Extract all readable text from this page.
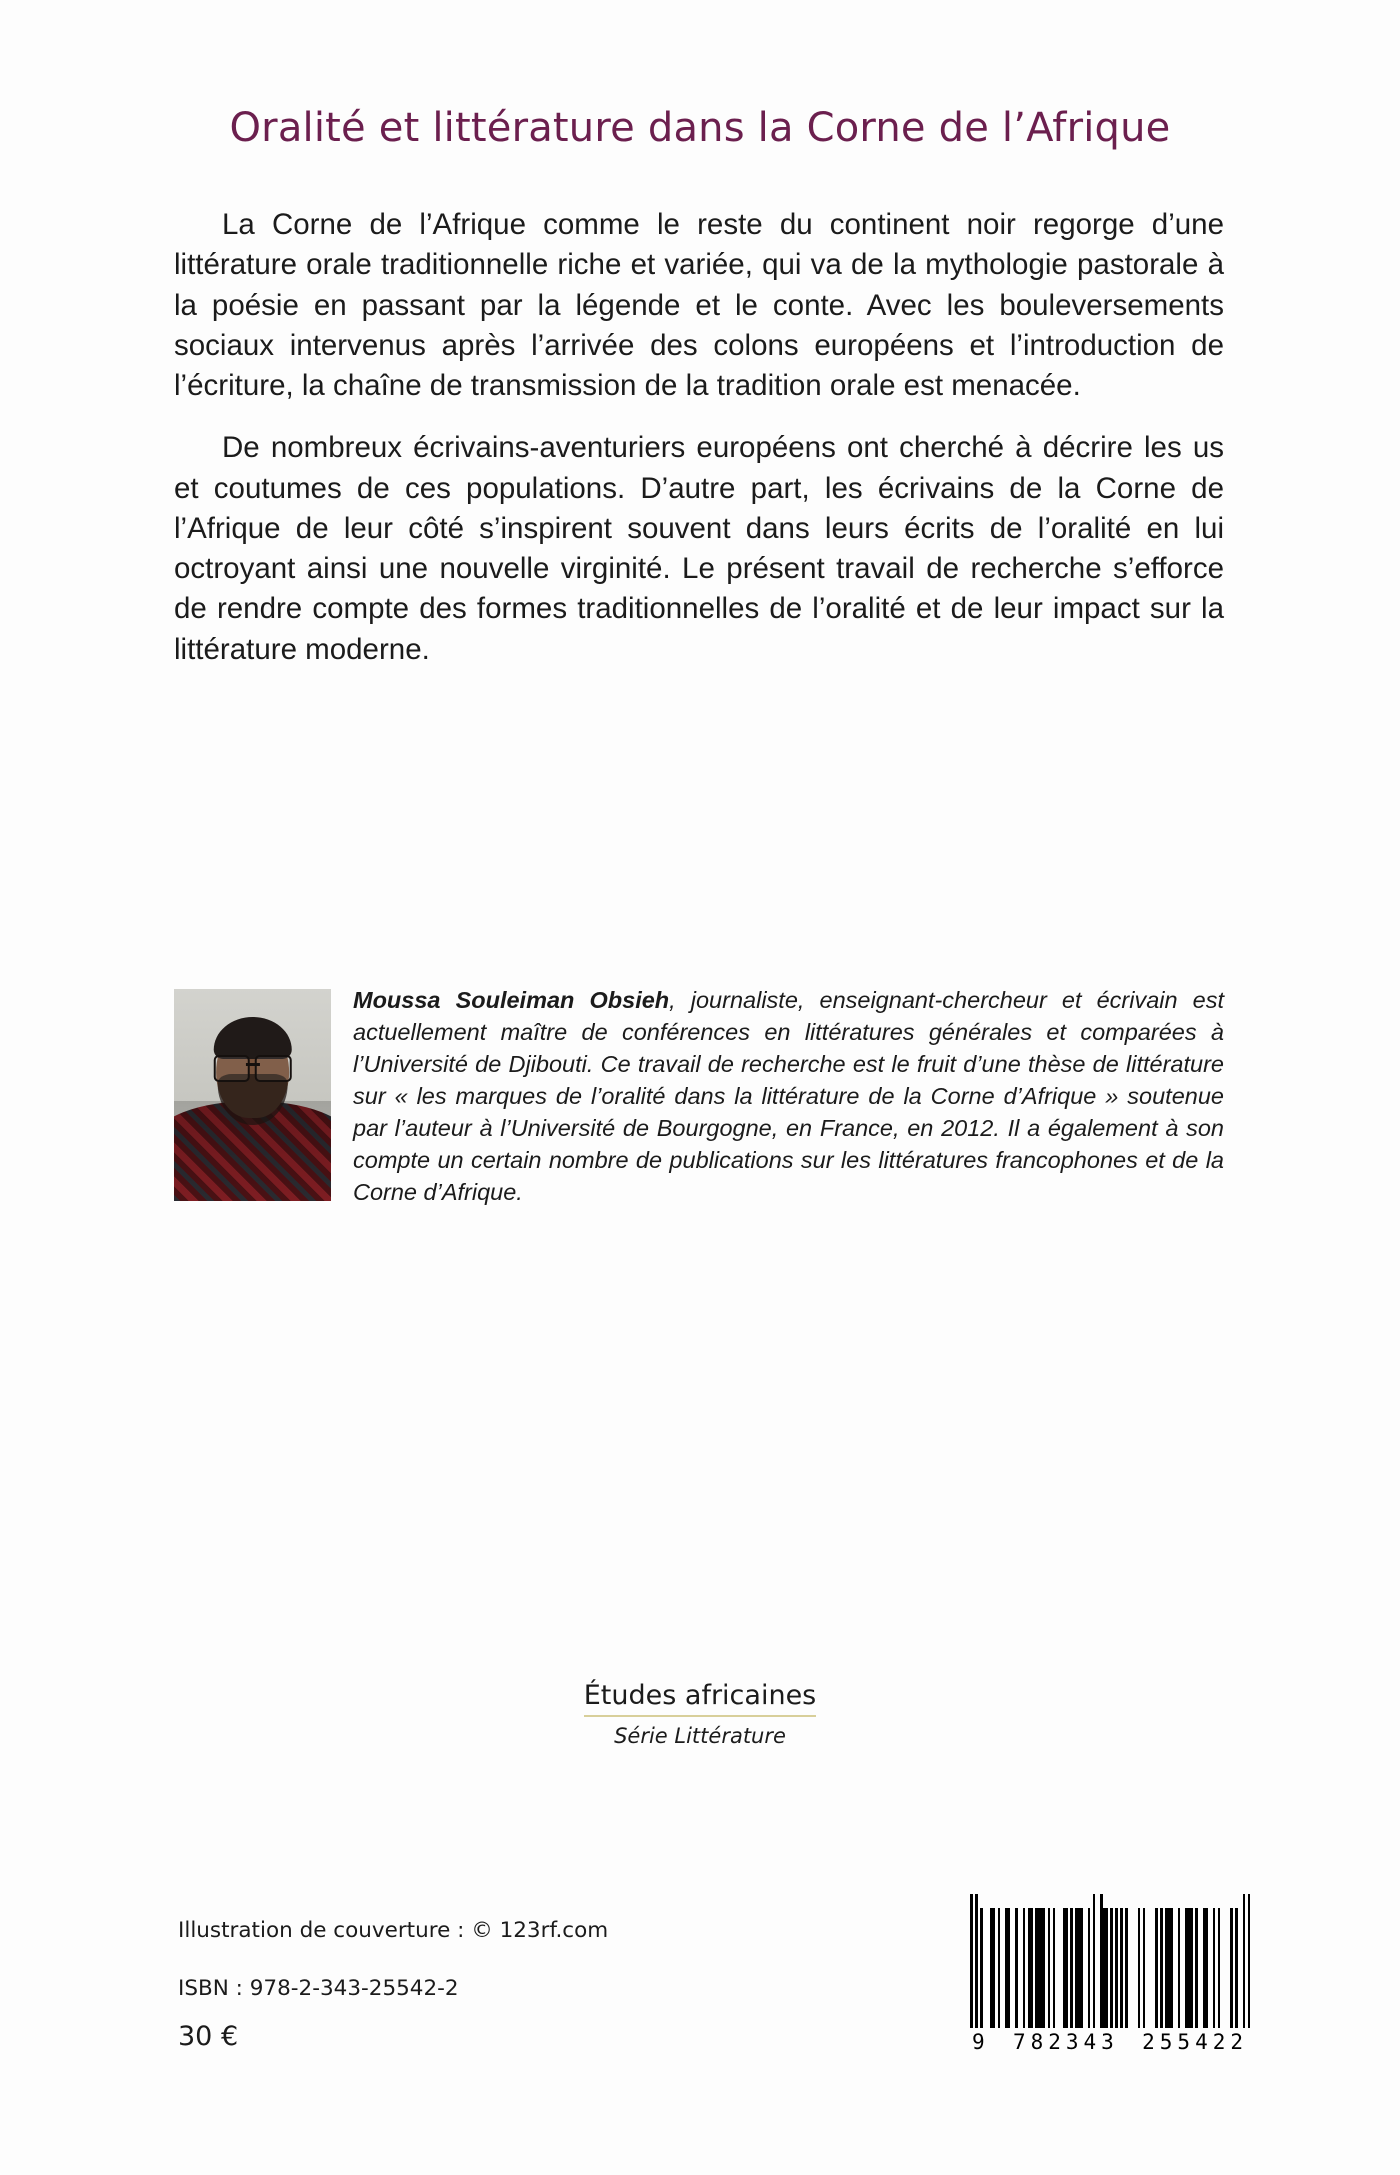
Oralité et littérature dans la Corne de l’Afrique

La Corne de l’Afrique comme le reste du continent noir regorge d’une littérature orale traditionnelle riche et variée, qui va de la mythologie pastorale à la poésie en passant par la légende et le conte. Avec les bouleversements sociaux intervenus après l’arrivée des colons européens et l’introduction de l’écriture, la chaîne de transmission de la tradition orale est menacée.

De nombreux écrivains-aventuriers européens ont cherché à décrire les us et coutumes de ces populations. D’autre part, les écrivains de la Corne de l’Afrique de leur côté s’inspirent souvent dans leurs écrits de l’oralité en lui octroyant ainsi une nouvelle virginité. Le présent travail de recherche s’efforce de rendre compte des formes traditionnelles de l’oralité et de leur impact sur la littérature moderne.

Moussa Souleiman Obsieh, journaliste, enseignant-chercheur et écrivain est actuellement maître de conférences en littératures générales et comparées à l’Université de Djibouti. Ce travail de recherche est le fruit d’une thèse de littérature sur « les marques de l’oralité dans la littérature de la Corne d’Afrique » soutenue par l’auteur à l’Université de Bourgogne, en France, en 2012. Il a également à son compte un certain nombre de publications sur les littératures francophones et de la Corne d’Afrique.
Études africaines
Série Littérature
Illustration de couverture : © 123rf.com
ISBN : 978-2-343-25542-2
30 €	9 782343 255422
